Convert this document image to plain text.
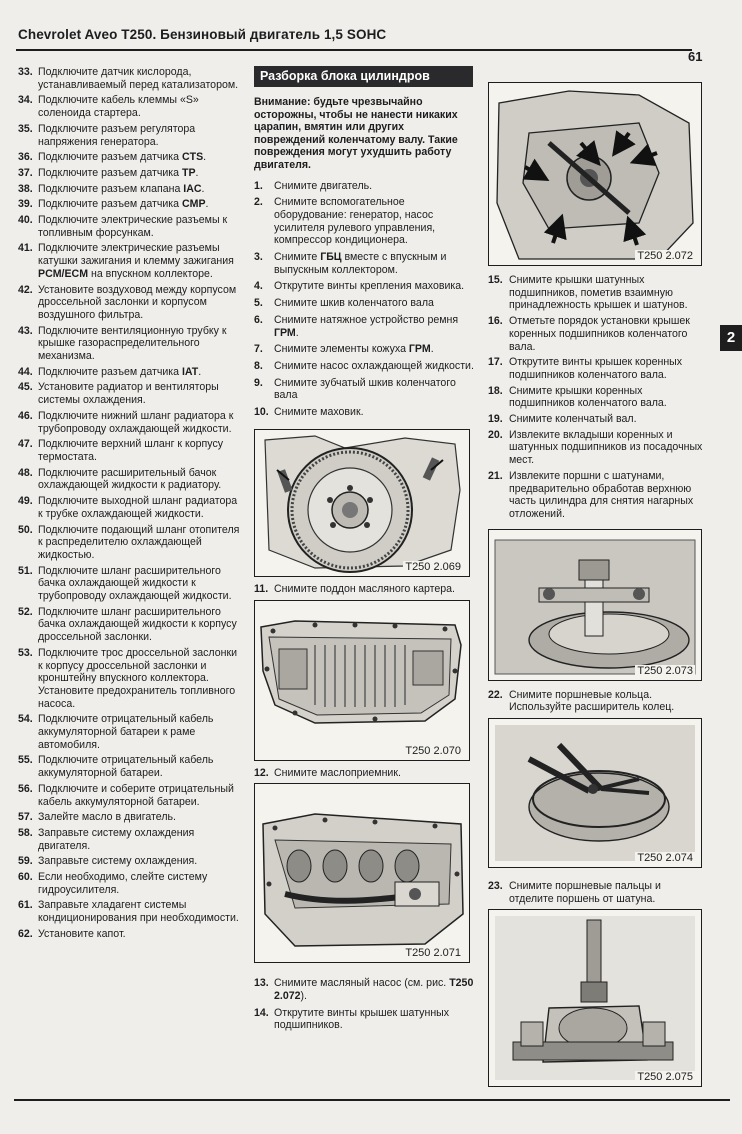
Chevrolet Aveo T250. Бензиновый двигатель 1,5 SOHC
61
2
33. Подключите датчик кислорода, устанавливаемый перед катализатором.
34. Подключите кабель клеммы «S» соленоида стартера.
35. Подключите разъем регулятора напряжения генератора.
36. Подключите разъем датчика CTS.
37. Подключите разъем датчика TP.
38. Подключите разъем клапана IAC.
39. Подключите разъем датчика CMP.
40. Подключите электрические разъемы к топливным форсункам.
41. Подключите электрические разъемы катушки зажигания и клемму зажигания PCM/ECM на впускном коллекторе.
42. Установите воздуховод между корпусом дроссельной заслонки и корпусом воздушного фильтра.
43. Подключите вентиляционную трубку к крышке газораспределительного механизма.
44. Подключите разъем датчика IAT.
45. Установите радиатор и вентиляторы системы охлаждения.
46. Подключите нижний шланг радиатора к трубопроводу охлаждающей жидкости.
47. Подключите верхний шланг к корпусу термостата.
48. Подключите расширительный бачок охлаждающей жидкости к радиатору.
49. Подключите выходной шланг радиатора к трубке охлаждающей жидкости.
50. Подключите подающий шланг отопителя к распределителю охлаждающей жидкостью.
51. Подключите шланг расширительного бачка охлаждающей жидкости к трубопроводу охлаждающей жидкости.
52. Подключите шланг расширительного бачка охлаждающей жидкости к корпусу дроссельной заслонки.
53. Подключите трос дроссельной заслонки к корпусу дроссельной заслонки и кронштейну впускного коллектора. Установите предохранитель топливного насоса.
54. Подключите отрицательный кабель аккумуляторной батареи к раме автомобиля.
55. Подключите отрицательный кабель аккумуляторной батареи.
56. Подключите и соберите отрицательный кабель аккумуляторной батареи.
57. Залейте масло в двигатель.
58. Заправьте систему охлаждения двигателя.
59. Заправьте систему охлаждения.
60. Если необходимо, слейте систему гидроусилителя.
61. Заправьте хладагент системы кондиционирования при необходимости.
62. Установите капот.
Разборка блока цилиндров
Внимание: будьте чрезвычайно осторожны, чтобы не нанести никаких царапин, вмятин или других повреждений коленчатому валу. Такие повреждения могут ухудшить работу двигателя.
1. Снимите двигатель.
2. Снимите вспомогательное оборудование: генератор, насос усилителя рулевого управления, компрессор кондиционера.
3. Снимите ГБЦ вместе с впускным и выпускным коллектором.
4. Открутите винты крепления маховика.
5. Снимите шкив коленчатого вала
6. Снимите натяжное устройство ремня ГРМ.
7. Снимите элементы кожуха ГРМ.
8. Снимите насос охлаждающей жидкости.
9. Снимите зубчатый шкив коленчатого вала
10. Снимите маховик.
T250 2.069
11. Снимите поддон масляного картера.
T250 2.070
12. Снимите маслоприемник.
T250 2.071
13. Снимите масляный насос (см. рис. T250 2.072).
14. Открутите винты крышек шатунных подшипников.
T250 2.072
15. Снимите крышки шатунных подшипников, пометив взаимную принадлежность крышек и шатунов.
16. Отметьте порядок установки крышек коренных подшипников коленчатого вала.
17. Открутите винты крышек коренных подшипников коленчатого вала.
18. Снимите крышки коренных подшипников коленчатого вала.
19. Снимите коленчатый вал.
20. Извлеките вкладыши коренных и шатунных подшипников из посадочных мест.
21. Извлеките поршни с шатунами, предварительно обработав верхнюю часть цилиндра для снятия нагарных отложений.
T250 2.073
22. Снимите поршневые кольца. Используйте расширитель колец.
T250 2.074
23. Снимите поршневые пальцы и отделите поршень от шатуна.
T250 2.075
